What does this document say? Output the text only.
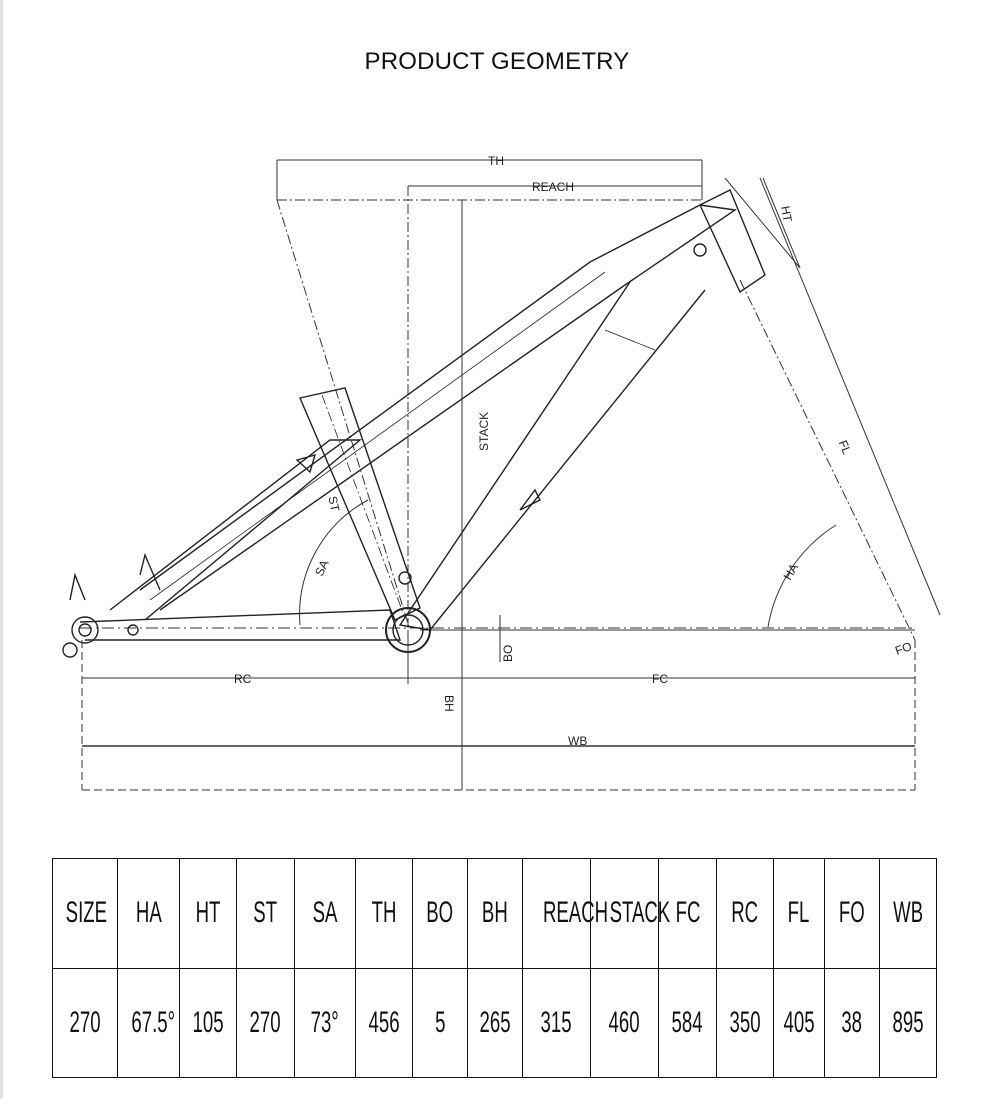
PRODUCT GEOMETRY
TH
REACH
HT
STACK
ST
SA
FL
HA
BO	FO
RC	FC
BH
WB
SIZE	HA	HT	ST	SA	TH	BO	BH	REACH	STACK	FC	RC	FL	FO	WB
270	67.5°	105	270	73°	456	5	265	315	460	584	350	405	38	895
